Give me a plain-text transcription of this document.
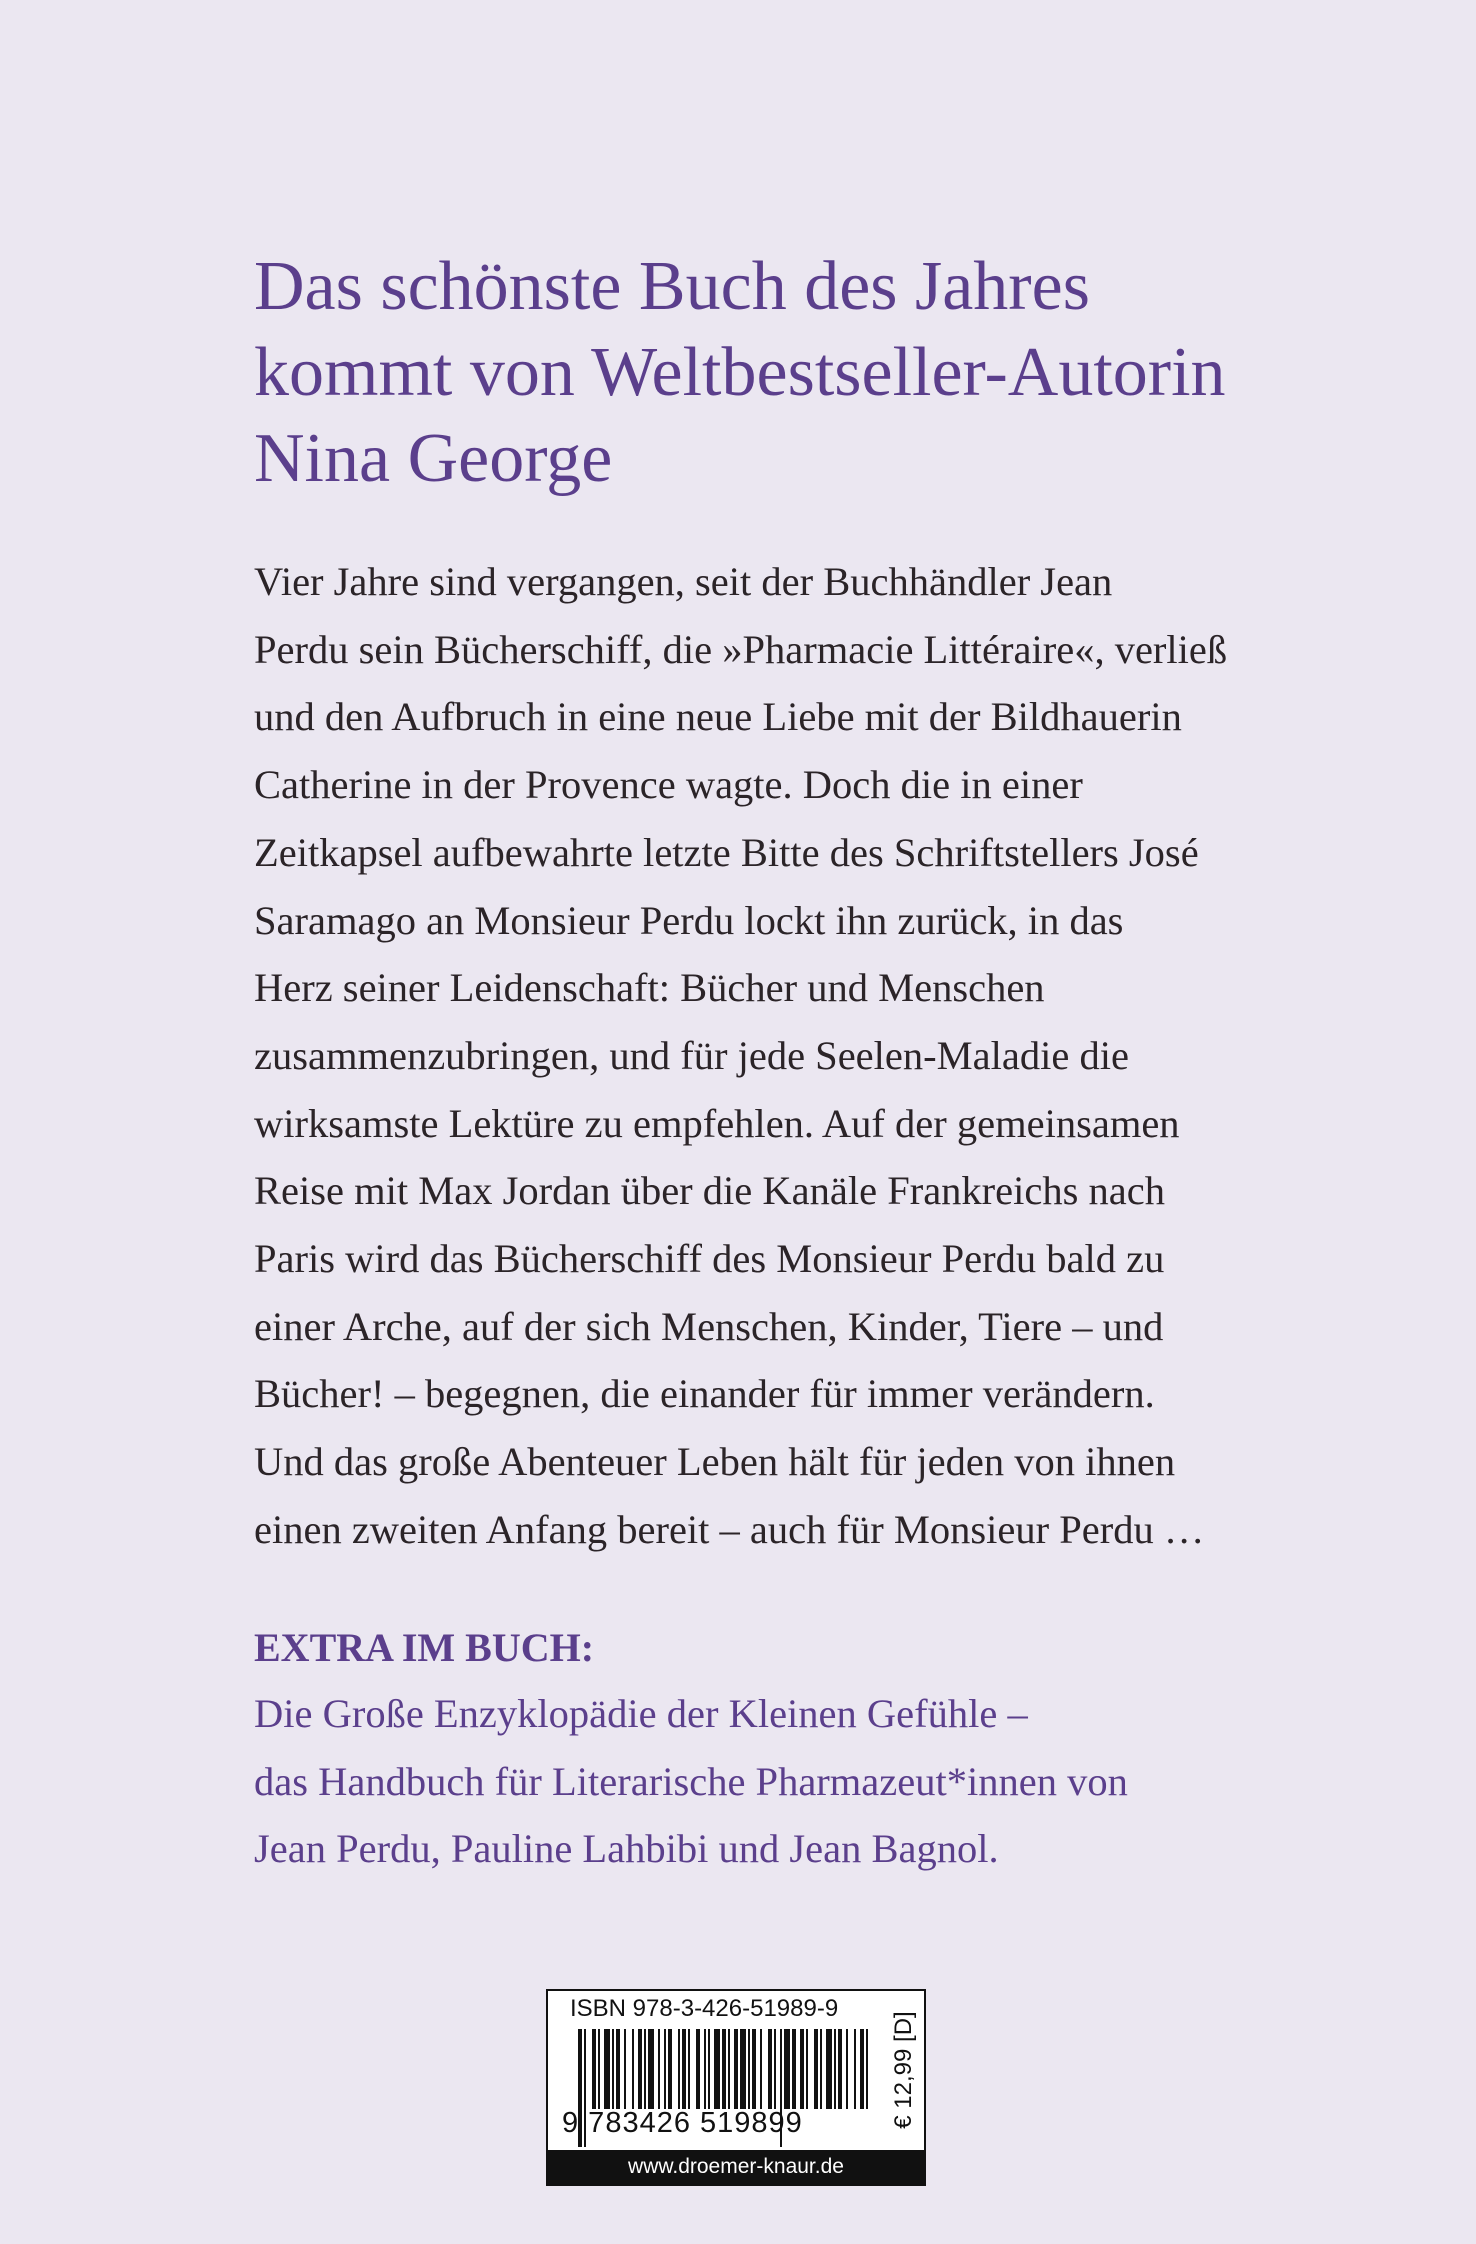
Das schönste Buch des Jahres
kommt von Weltbestseller-Autorin
Nina George

Vier Jahre sind vergangen, seit der Buchhändler Jean
Perdu sein Bücherschiff, die »Pharmacie Littéraire«, verließ
und den Aufbruch in eine neue Liebe mit der Bildhauerin
Catherine in der Provence wagte. Doch die in einer
Zeitkapsel aufbewahrte letzte Bitte des Schriftstellers José
Saramago an Monsieur Perdu lockt ihn zurück, in das
Herz seiner Leidenschaft: Bücher und Menschen
zusammenzubringen, und für jede Seelen-Maladie die
wirksamste Lektüre zu empfehlen. Auf der gemeinsamen
Reise mit Max Jordan über die Kanäle Frankreichs nach
Paris wird das Bücherschiff des Monsieur Perdu bald zu
einer Arche, auf der sich Menschen, Kinder, Tiere – und
Bücher! – begegnen, die einander für immer verändern.
Und das große Abenteuer Leben hält für jeden von ihnen
einen zweiten Anfang bereit – auch für Monsieur Perdu …

EXTRA IM BUCH:

Die Große Enzyklopädie der Kleinen Gefühle –
das Handbuch für Literarische Pharmazeut*innen von
Jean Perdu, Pauline Lahbibi und Jean Bagnol.

ISBN 978-3-426-51989-9
9 783426 519899	€ 12,99 [D]
www.droemer-knaur.de
